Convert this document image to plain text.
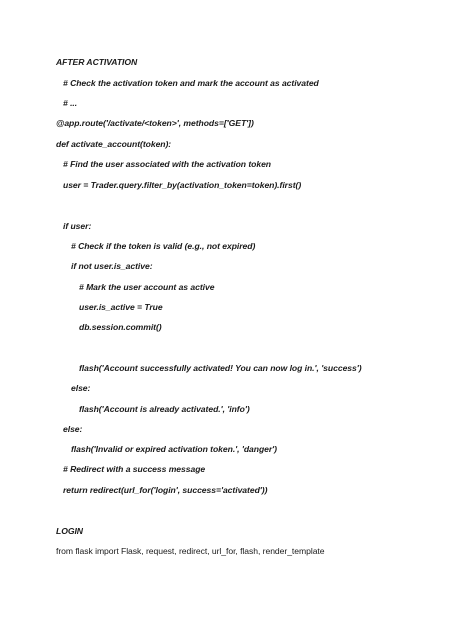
AFTER ACTIVATION
# Check the activation token and mark the account as activated
# ...
@app.route('/activate/<token>', methods=['GET'])
def activate_account(token):
# Find the user associated with the activation token
user = Trader.query.filter_by(activation_token=token).first()
if user:
# Check if the token is valid (e.g., not expired)
if not user.is_active:
# Mark the user account as active
user.is_active = True
db.session.commit()
flash('Account successfully activated! You can now log in.', 'success')
else:
flash('Account is already activated.', 'info')
else:
flash('Invalid or expired activation token.', 'danger')
# Redirect with a success message
return redirect(url_for('login', success='activated'))
LOGIN
from flask import Flask, request, redirect, url_for, flash, render_template
